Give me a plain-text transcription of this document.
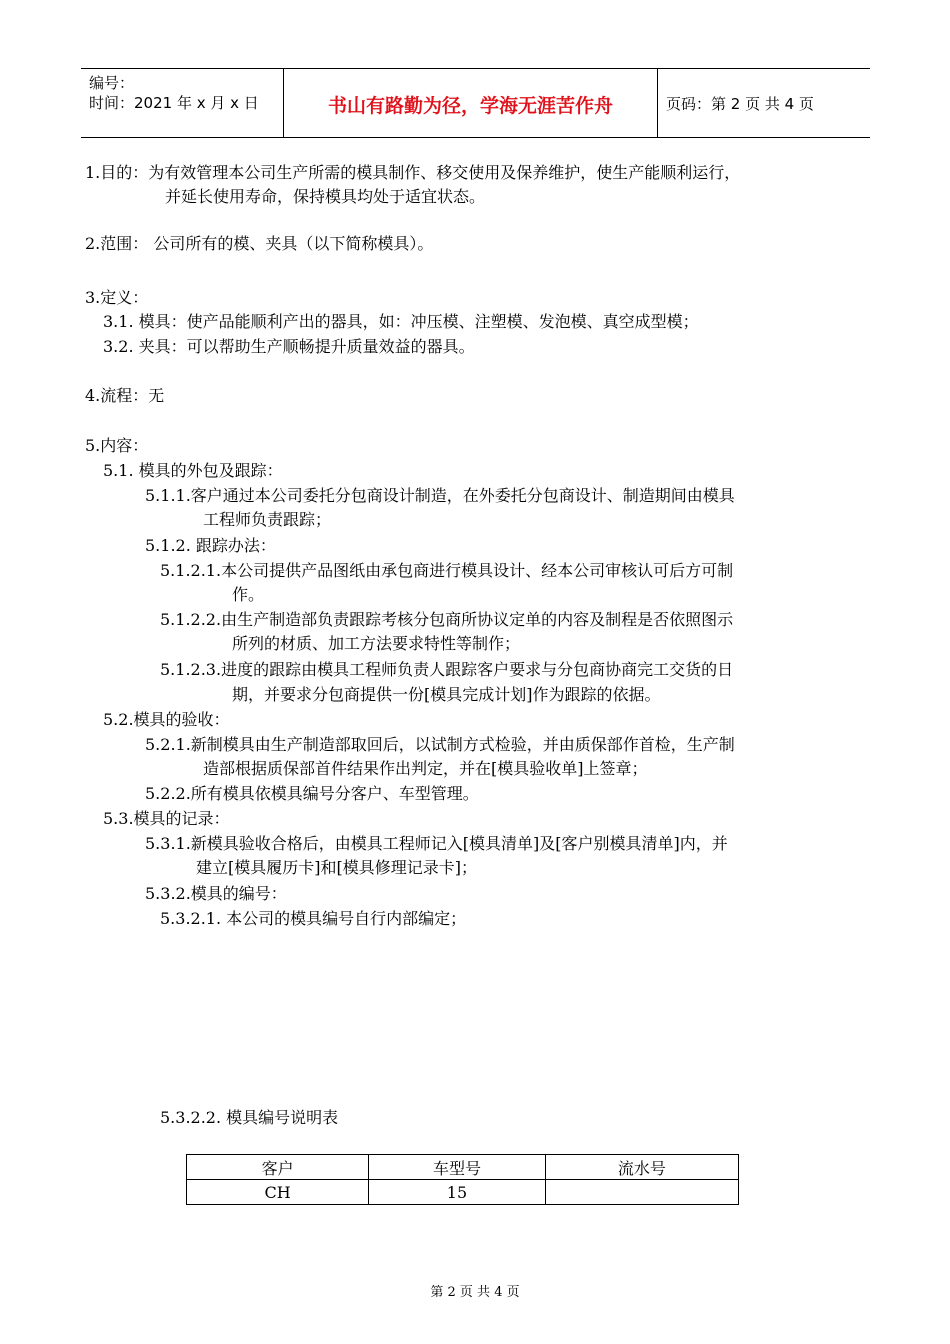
编号：
时间：2021 年 x 月 x 日	书山有路勤为径，学海无涯苦作舟	页码：第 2 页 共 4 页
1.目的：为有效管理本公司生产所需的模具制作、移交使用及保养维护，使生产能顺利运行，
并延长使用寿命，保持模具均处于适宜状态。
2.范围： 公司所有的模、夹具（以下简称模具）。
3.定义：
3.1. 模具：使产品能顺利产出的器具，如：冲压模、注塑模、发泡模、真空成型模；
3.2. 夹具：可以帮助生产顺畅提升质量效益的器具。
4.流程：无
5.内容：
5.1. 模具的外包及跟踪：
5.1.1.客户通过本公司委托分包商设计制造，在外委托分包商设计、制造期间由模具
工程师负责跟踪；
5.1.2. 跟踪办法：
5.1.2.1.本公司提供产品图纸由承包商进行模具设计、经本公司审核认可后方可制
作。
5.1.2.2.由生产制造部负责跟踪考核分包商所协议定单的内容及制程是否依照图示
所列的材质、加工方法要求特性等制作；
5.1.2.3.进度的跟踪由模具工程师负责人跟踪客户要求与分包商协商完工交货的日
期，并要求分包商提供一份[模具完成计划]作为跟踪的依据。
5.2.模具的验收：
5.2.1.新制模具由生产制造部取回后，以试制方式检验，并由质保部作首检，生产制
造部根据质保部首件结果作出判定，并在[模具验收单]上签章；
5.2.2.所有模具依模具编号分客户、车型管理。
5.3.模具的记录：
5.3.1.新模具验收合格后，由模具工程师记入[模具清单]及[客户别模具清单]内，并
建立[模具履历卡]和[模具修理记录卡]；
5.3.2.模具的编号：
5.3.2.1. 本公司的模具编号自行内部编定；
5.3.2.2. 模具编号说明表
客户	车型号	流水号
CH	15	
第 2 页 共 4 页
